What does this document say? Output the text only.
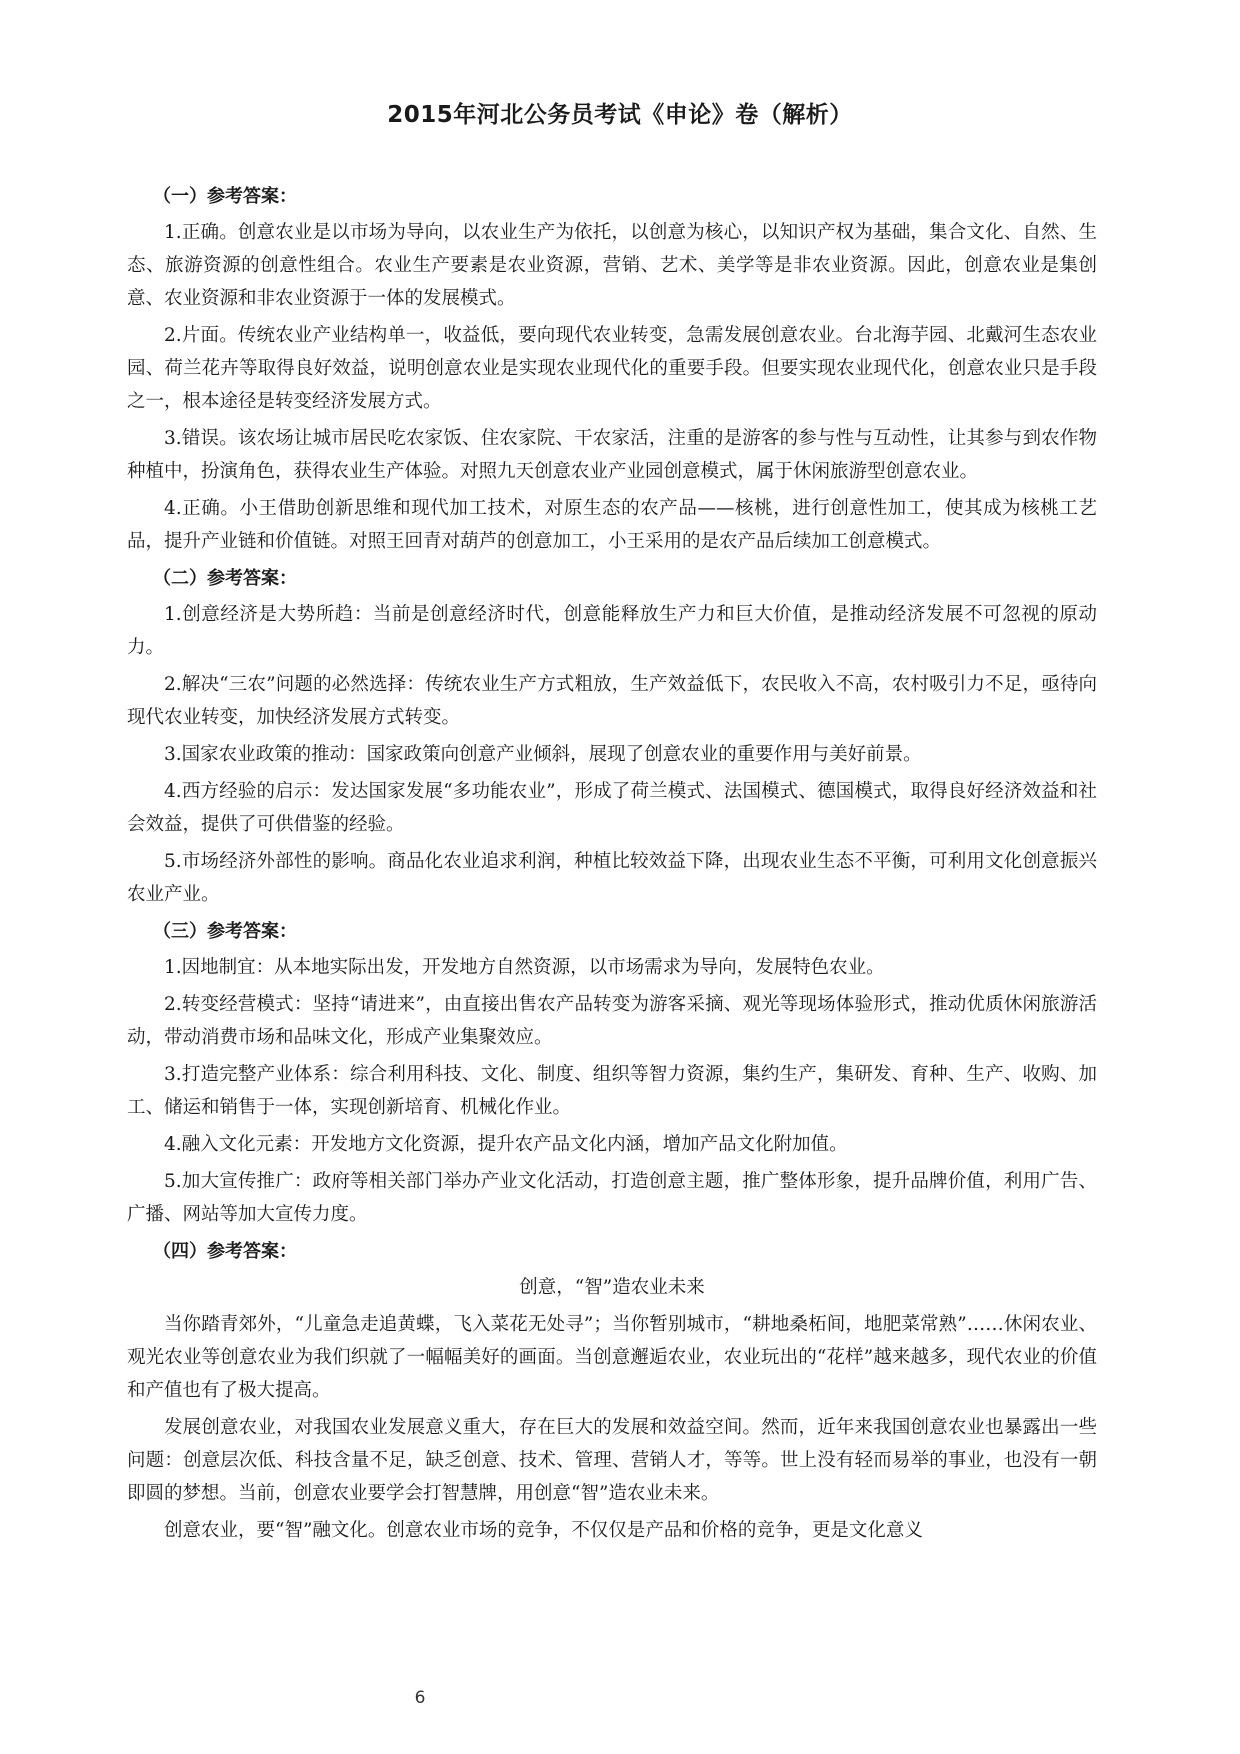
2015年河北公务员考试《申论》卷（解析）
（一）参考答案：

1.正确。创意农业是以市场为导向，以农业生产为依托，以创意为核心，以知识产权为基础，集合文化、自然、生态、旅游资源的创意性组合。农业生产要素是农业资源，营销、艺术、美学等是非农业资源。因此，创意农业是集创意、农业资源和非农业资源于一体的发展模式。

2.片面。传统农业产业结构单一，收益低，要向现代农业转变，急需发展创意农业。台北海芋园、北戴河生态农业园、荷兰花卉等取得良好效益，说明创意农业是实现农业现代化的重要手段。但要实现农业现代化，创意农业只是手段之一，根本途径是转变经济发展方式。

3.错误。该农场让城市居民吃农家饭、住农家院、干农家活，注重的是游客的参与性与互动性，让其参与到农作物种植中，扮演角色，获得农业生产体验。对照九天创意农业产业园创意模式，属于休闲旅游型创意农业。

4.正确。小王借助创新思维和现代加工技术，对原生态的农产品——核桃，进行创意性加工，使其成为核桃工艺品，提升产业链和价值链。对照王回青对葫芦的创意加工，小王采用的是农产品后续加工创意模式。

（二）参考答案：

1.创意经济是大势所趋：当前是创意经济时代，创意能释放生产力和巨大价值，是推动经济发展不可忽视的原动力。

2.解决“三农”问题的必然选择：传统农业生产方式粗放，生产效益低下，农民收入不高，农村吸引力不足，亟待向现代农业转变，加快经济发展方式转变。

3.国家农业政策的推动：国家政策向创意产业倾斜，展现了创意农业的重要作用与美好前景。

4.西方经验的启示：发达国家发展“多功能农业”，形成了荷兰模式、法国模式、德国模式，取得良好经济效益和社会效益，提供了可供借鉴的经验。

5.市场经济外部性的影响。商品化农业追求利润，种植比较效益下降，出现农业生态不平衡，可利用文化创意振兴农业产业。

（三）参考答案：

1.因地制宜：从本地实际出发，开发地方自然资源，以市场需求为导向，发展特色农业。

2.转变经营模式：坚持“请进来”，由直接出售农产品转变为游客采摘、观光等现场体验形式，推动优质休闲旅游活动，带动消费市场和品味文化，形成产业集聚效应。

3.打造完整产业体系：综合利用科技、文化、制度、组织等智力资源，集约生产，集研发、育种、生产、收购、加工、储运和销售于一体，实现创新培育、机械化作业。

4.融入文化元素：开发地方文化资源，提升农产品文化内涵，增加产品文化附加值。

5.加大宣传推广：政府等相关部门举办产业文化活动，打造创意主题，推广整体形象，提升品牌价值，利用广告、广播、网站等加大宣传力度。

（四）参考答案：
创意，“智”造农业未来

当你踏青郊外，“儿童急走追黄蝶，飞入菜花无处寻”；当你暂别城市，“耕地桑柘间，地肥菜常熟”……休闲农业、观光农业等创意农业为我们织就了一幅幅美好的画面。当创意邂逅农业，农业玩出的“花样”越来越多，现代农业的价值和产值也有了极大提高。

发展创意农业，对我国农业发展意义重大，存在巨大的发展和效益空间。然而，近年来我国创意农业也暴露出一些问题：创意层次低、科技含量不足，缺乏创意、技术、管理、营销人才，等等。世上没有轻而易举的事业，也没有一朝即圆的梦想。当前，创意农业要学会打智慧牌，用创意“智”造农业未来。

创意农业，要“智”融文化。创意农业市场的竞争，不仅仅是产品和价格的竞争，更是文化意义

6
